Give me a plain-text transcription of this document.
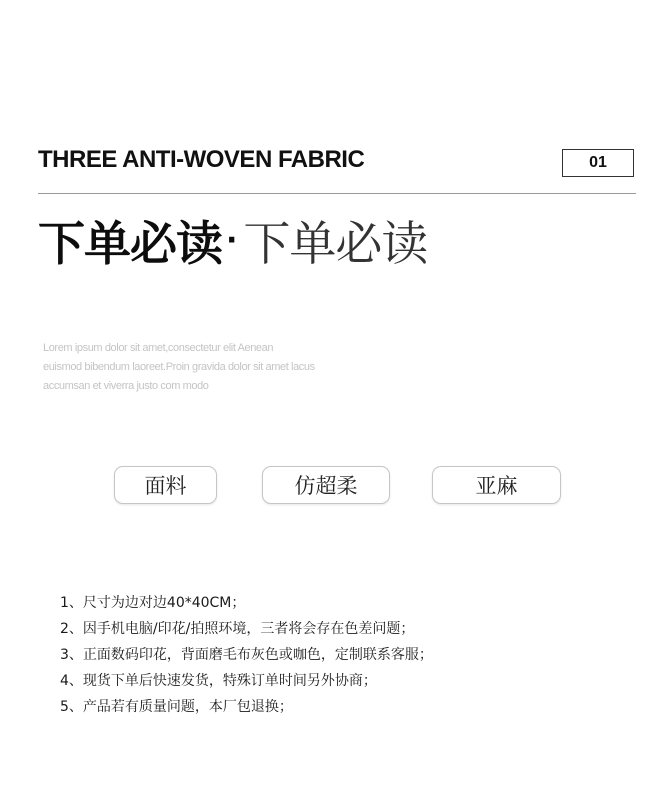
THREE ANTI-WOVEN FABRIC	01
下单必读 · 下单必读
Lorem ipsum dolor sit amet,consectetur elit Aenean
euismod bibendum laoreet.Proin gravida dolor sit amet lacus
accumsan et viverra justo com modo
面料	仿超柔	亚麻
1、尺寸为边对边40*40CM；
2、因手机电脑/印花/拍照环境，三者将会存在色差问题；
3、正面数码印花，背面磨毛布灰色或咖色，定制联系客服；
4、现货下单后快速发货，特殊订单时间另外协商；
5、产品若有质量问题，本厂包退换；
